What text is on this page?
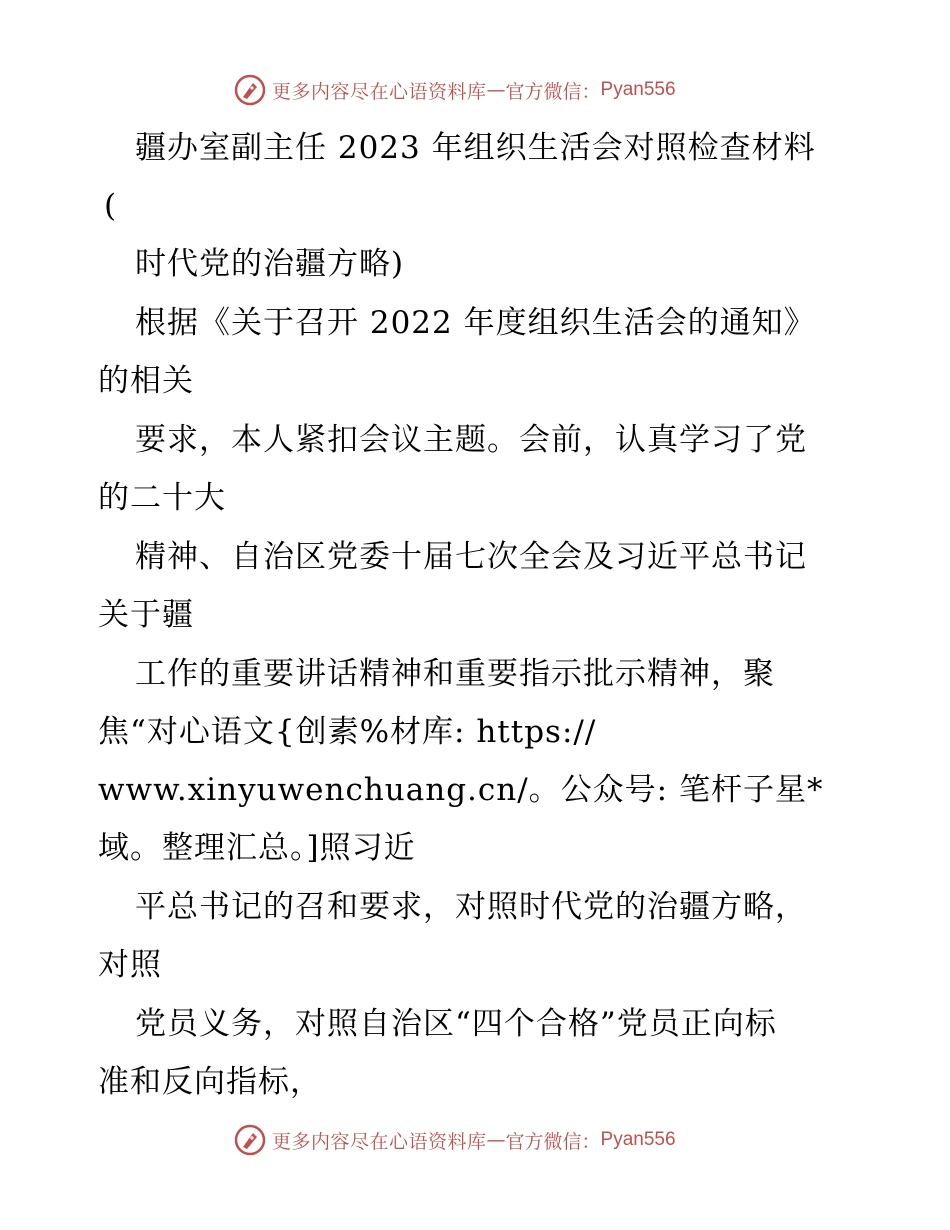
更多内容尽在心语资料库 — 官方微信： Pyan556
疆办室副主任 2023 年组织生活会对照检查材料
(
时代党的治疆方略)
根据《关于召开 2022 年度组织生活会的通知》
的相关
要求，本人紧扣会议主题。会前，认真学习了党
的二十大
精神、自治区党委十届七次全会及习近平总书记
关于疆
工作的重要讲话精神和重要指示批示精神，聚
焦“对心语文{创素%材库: https://
www.xinyuwenchuang.cn/。公众号: 笔杆子星*
域。整理汇总。]照习近
平总书记的召和要求，对照时代党的治疆方略，
对照
党员义务，对照自治区“四个合格”党员正向标
准和反向指标，
更多内容尽在心语资料库 — 官方微信： Pyan556
